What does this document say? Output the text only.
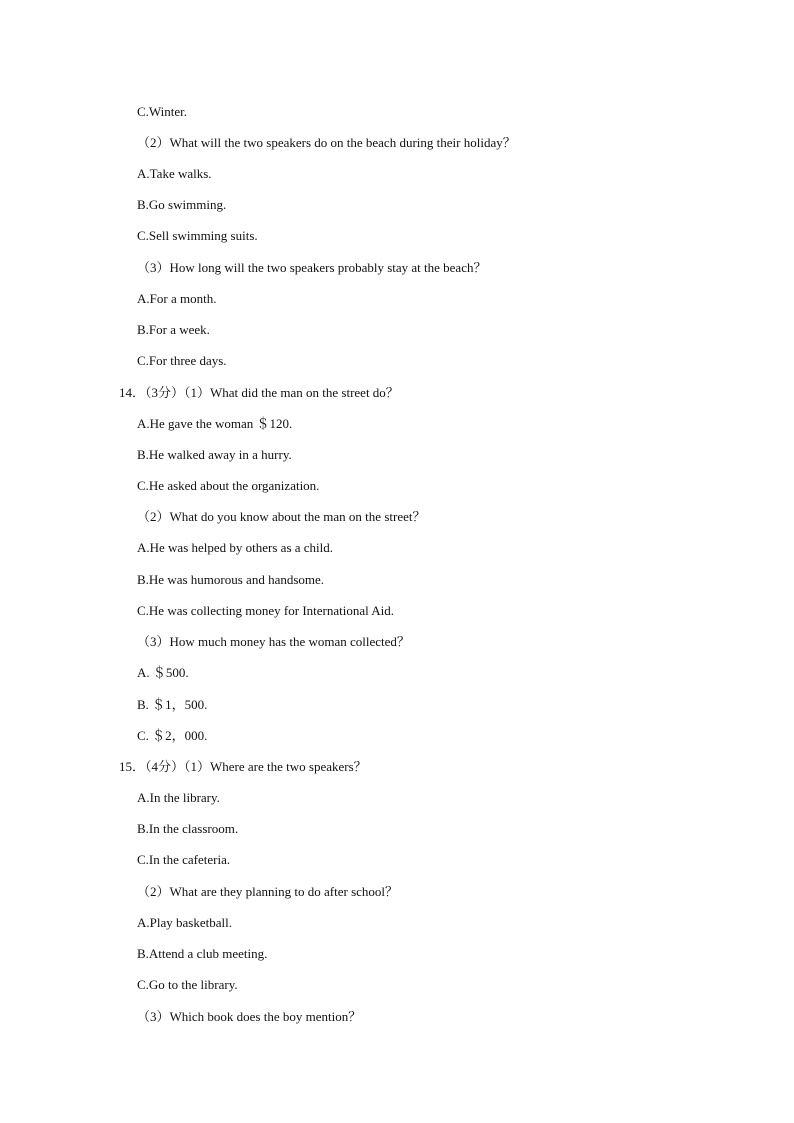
C.Winter.
（2）What will the two speakers do on the beach during their holiday？
A.Take walks.
B.Go swimming.
C.Sell swimming suits.
（3）How long will the two speakers probably stay at the beach？
A.For a month.
B.For a week.
C.For three days.
14．（3分）（1）What did the man on the street do？
A.He gave the woman ＄120.
B.He walked away in a hurry.
C.He asked about the organization.
（2）What do you know about the man on the street？
A.He was helped by others as a child.
B.He was humorous and handsome.
C.He was collecting money for International Aid.
（3）How much money has the woman collected？
A. ＄500.
B. ＄1，500.
C. ＄2，000.
15．（4分）（1）Where are the two speakers？
A.In the library.
B.In the classroom.
C.In the cafeteria.
（2）What are they planning to do after school？
A.Play basketball.
B.Attend a club meeting.
C.Go to the library.
（3）Which book does the boy mention？
